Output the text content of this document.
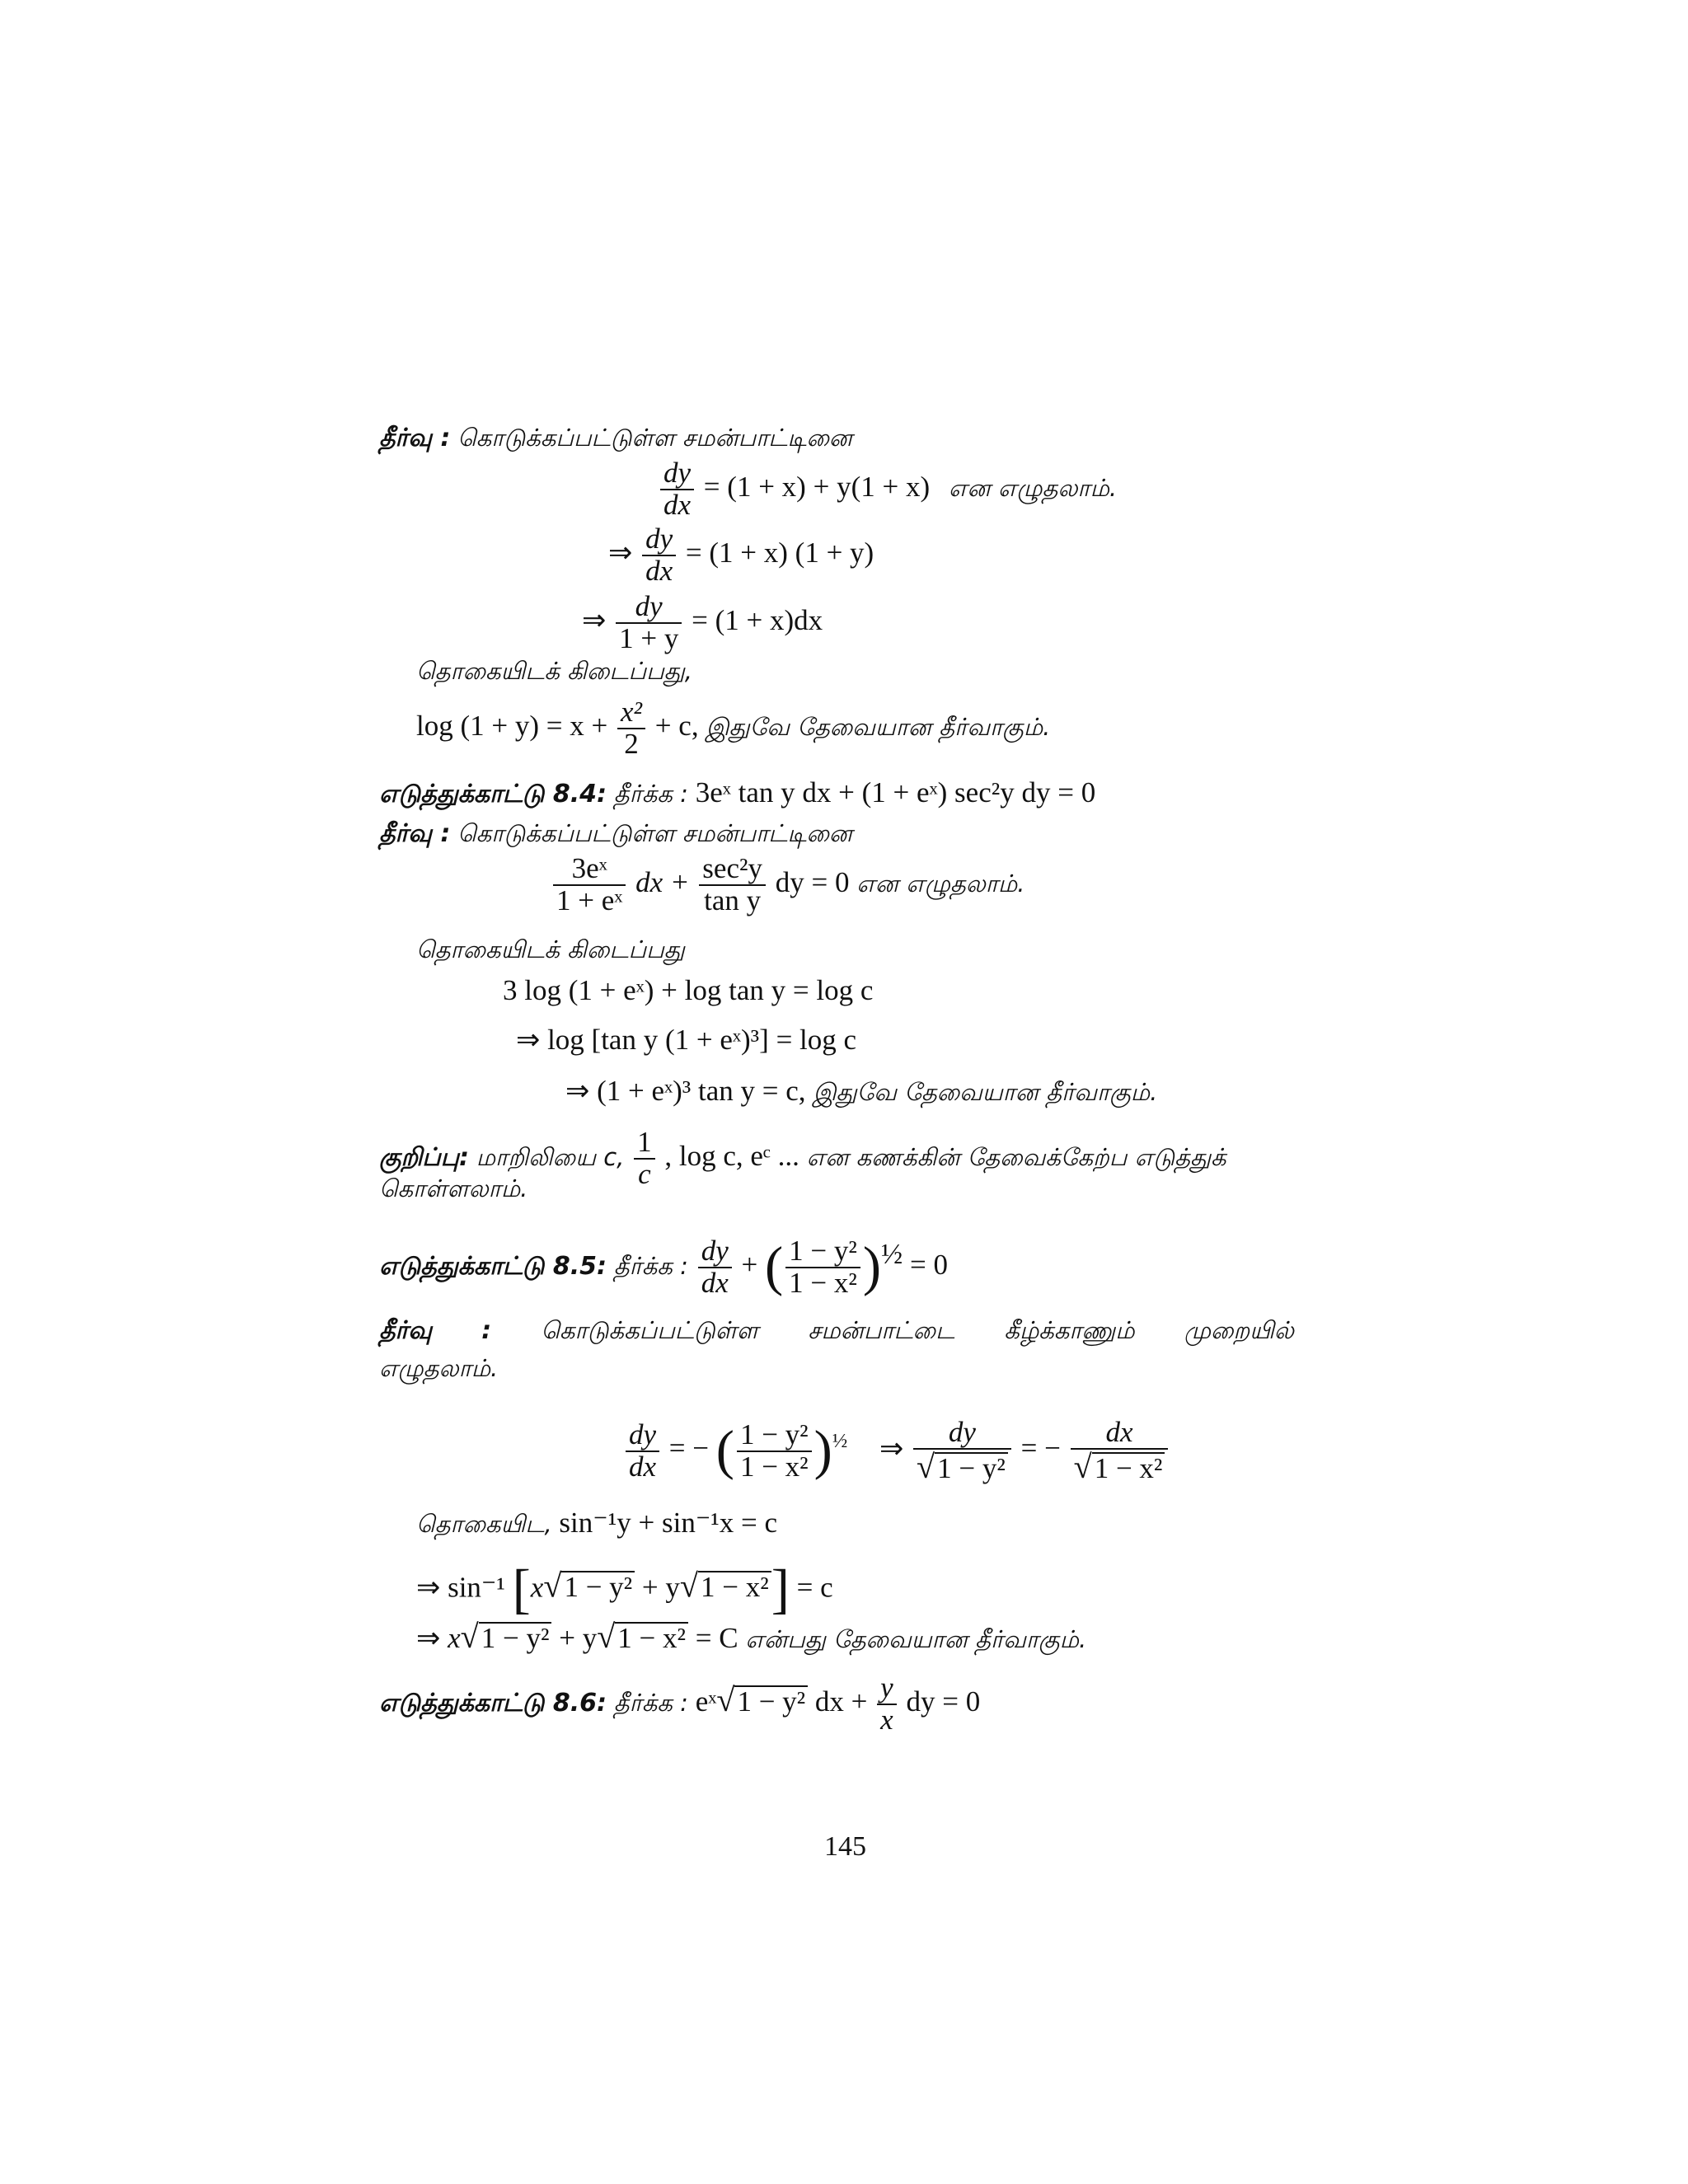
தீர்வு : கொடுக்கப்பட்டுள்ள சமன்பாட்டினை
$\frac{dy}{dx} = (1 + x) + y(1 + x)$ என எழுதலாம்.
⇒ $\frac{dy}{dx} = (1 + x) (1 + y)$
⇒ $\frac{dy}{1 + y} = (1 + x)dx$
தொகையிடக் கிடைப்பது,
$\log (1 + y) = x + \frac{\text{x²}}{2} + c$, இதுவே தேவையான தீர்வாகும்.
எடுத்துக்காட்டு 8.4: தீர்க்க : 3eˣ tan y dx + (1 + eˣ) sec²y dy = 0
தீர்வு : கொடுக்கப்பட்டுள்ள சமன்பாட்டினை
$\frac{\text{3eˣ}}{\text{1 + eˣ}}$ dx + $\frac{\text{sec²y}}{\text{tan y}}$ dy = 0 என எழுதலாம்.
தொகையிடக் கிடைப்பது
3 log (1 + eˣ) + log tan y = log c
⇒ log [tan y (1 + eˣ)³] = log c
⇒ (1 + eˣ)³ tan y = c, இதுவே தேவையான தீர்வாகும்.
குறிப்பு: மாறிலியை c, $\frac{1}{c}$ , log c, eᶜ ... என கணக்கின் தேவைக்கேற்ப எடுத்துக்
கொள்ளலாம்.
எடுத்துக்காட்டு 8.5: தீர்க்க : $\frac{dy}{dx}$ + ( $\frac{\text{1 − y²}}{\text{1 − x²}} )^{\frac{1}{2}} = 0$
தீர்வு : கொடுக்கப்பட்டுள்ள சமன்பாட்டை கீழ்க்காணும் முறையில்
எழுதலாம்.
$\frac{dy}{dx}$ = − ( $\frac{\text{1 − y²}}{\text{1 − x²}} )^{\frac{1}{2}}$ ⇒ $\frac{dy}{\text{√1 − y²}}$ = − $\frac{dx}{\text{√1 − x²}}$
தொகையிட, sin⁻¹y + sin⁻¹x = c
⇒ sin⁻¹ [x√1 − y² + y√1 − x²] = c
⇒ x√1 − y² + y√1 − x² = C என்பது தேவையான தீர்வாகும்.
எடுத்துக்காட்டு 8.6: தீர்க்க : eˣ√1 − y² dx + $\frac{y}{x}$ dy = 0
145
